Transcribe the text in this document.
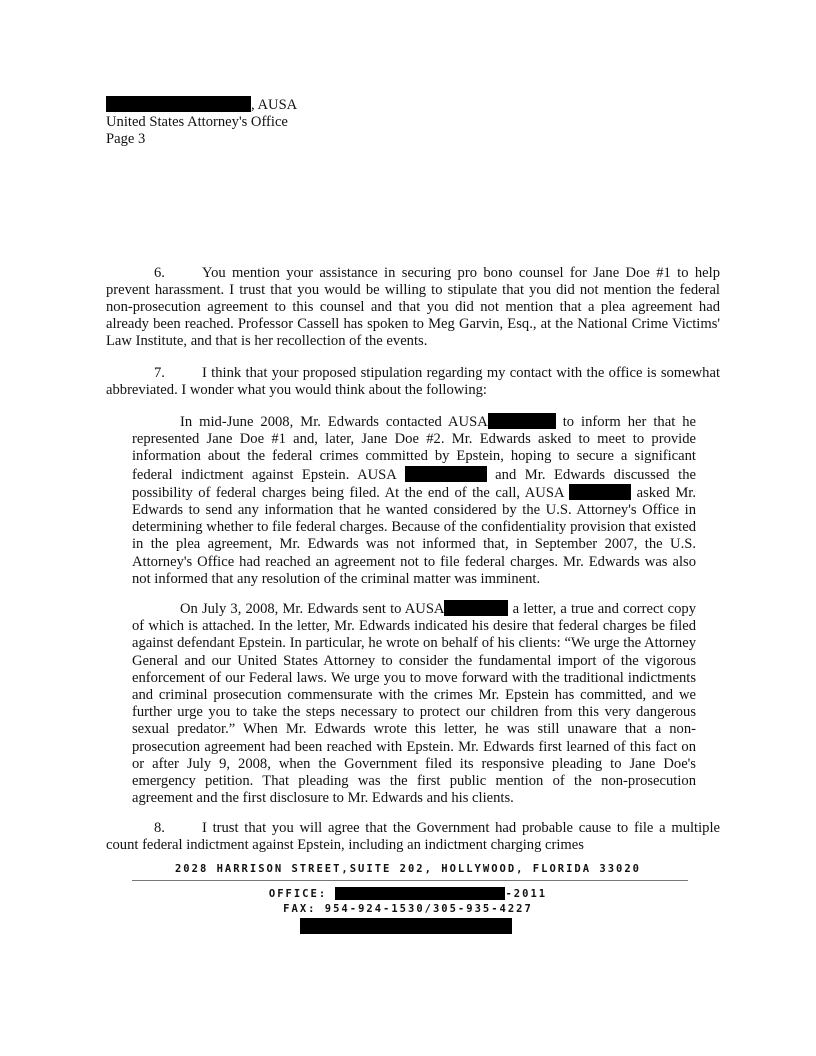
, AUSA
United States Attorney's Office
Page 3
6.	You mention your assistance in securing pro bono counsel for Jane Doe #1 to help prevent harassment. I trust that you would be willing to stipulate that you did not mention the federal non-prosecution agreement to this counsel and that you did not mention that a plea agreement had already been reached. Professor Cassell has spoken to Meg Garvin, Esq., at the National Crime Victims' Law Institute, and that is her recollection of the events.
7.	I think that your proposed stipulation regarding my contact with the office is somewhat abbreviated. I wonder what you would think about the following:
In mid-June 2008, Mr. Edwards contacted AUSA	to inform her that he represented Jane Doe #1 and, later, Jane Doe #2. Mr. Edwards asked to meet to provide information about the federal crimes committed by Epstein, hoping to secure a significant federal indictment against Epstein. AUSA	and Mr. Edwards discussed the possibility of federal charges being filed. At the end of the call, AUSA	asked Mr. Edwards to send any information that he wanted considered by the U.S. Attorney's Office in determining whether to file federal charges. Because of the confidentiality provision that existed in the plea agreement, Mr. Edwards was not informed that, in September 2007, the U.S. Attorney's Office had reached an agreement not to file federal charges. Mr. Edwards was also not informed that any resolution of the criminal matter was imminent.
On July 3, 2008, Mr. Edwards sent to AUSA	a letter, a true and correct copy of which is attached. In the letter, Mr. Edwards indicated his desire that federal charges be filed against defendant Epstein. In particular, he wrote on behalf of his clients: “We urge the Attorney General and our United States Attorney to consider the fundamental import of the vigorous enforcement of our Federal laws. We urge you to move forward with the traditional indictments and criminal prosecution commensurate with the crimes Mr. Epstein has committed, and we further urge you to take the steps necessary to protect our children from this very dangerous sexual predator.” When Mr. Edwards wrote this letter, he was still unaware that a non-prosecution agreement had been reached with Epstein. Mr. Edwards first learned of this fact on or after July 9, 2008, when the Government filed its responsive pleading to Jane Doe's emergency petition. That pleading was the first public mention of the non-prosecution agreement and the first disclosure to Mr. Edwards and his clients.
8.	I trust that you will agree that the Government had probable cause to file a multiple count federal indictment against Epstein, including an indictment charging crimes
2028 HARRISON STREET,SUITE 202, HOLLYWOOD, FLORIDA 33020
OFFICE:	-2011
FAX: 954-924-1530/305-935-4227
